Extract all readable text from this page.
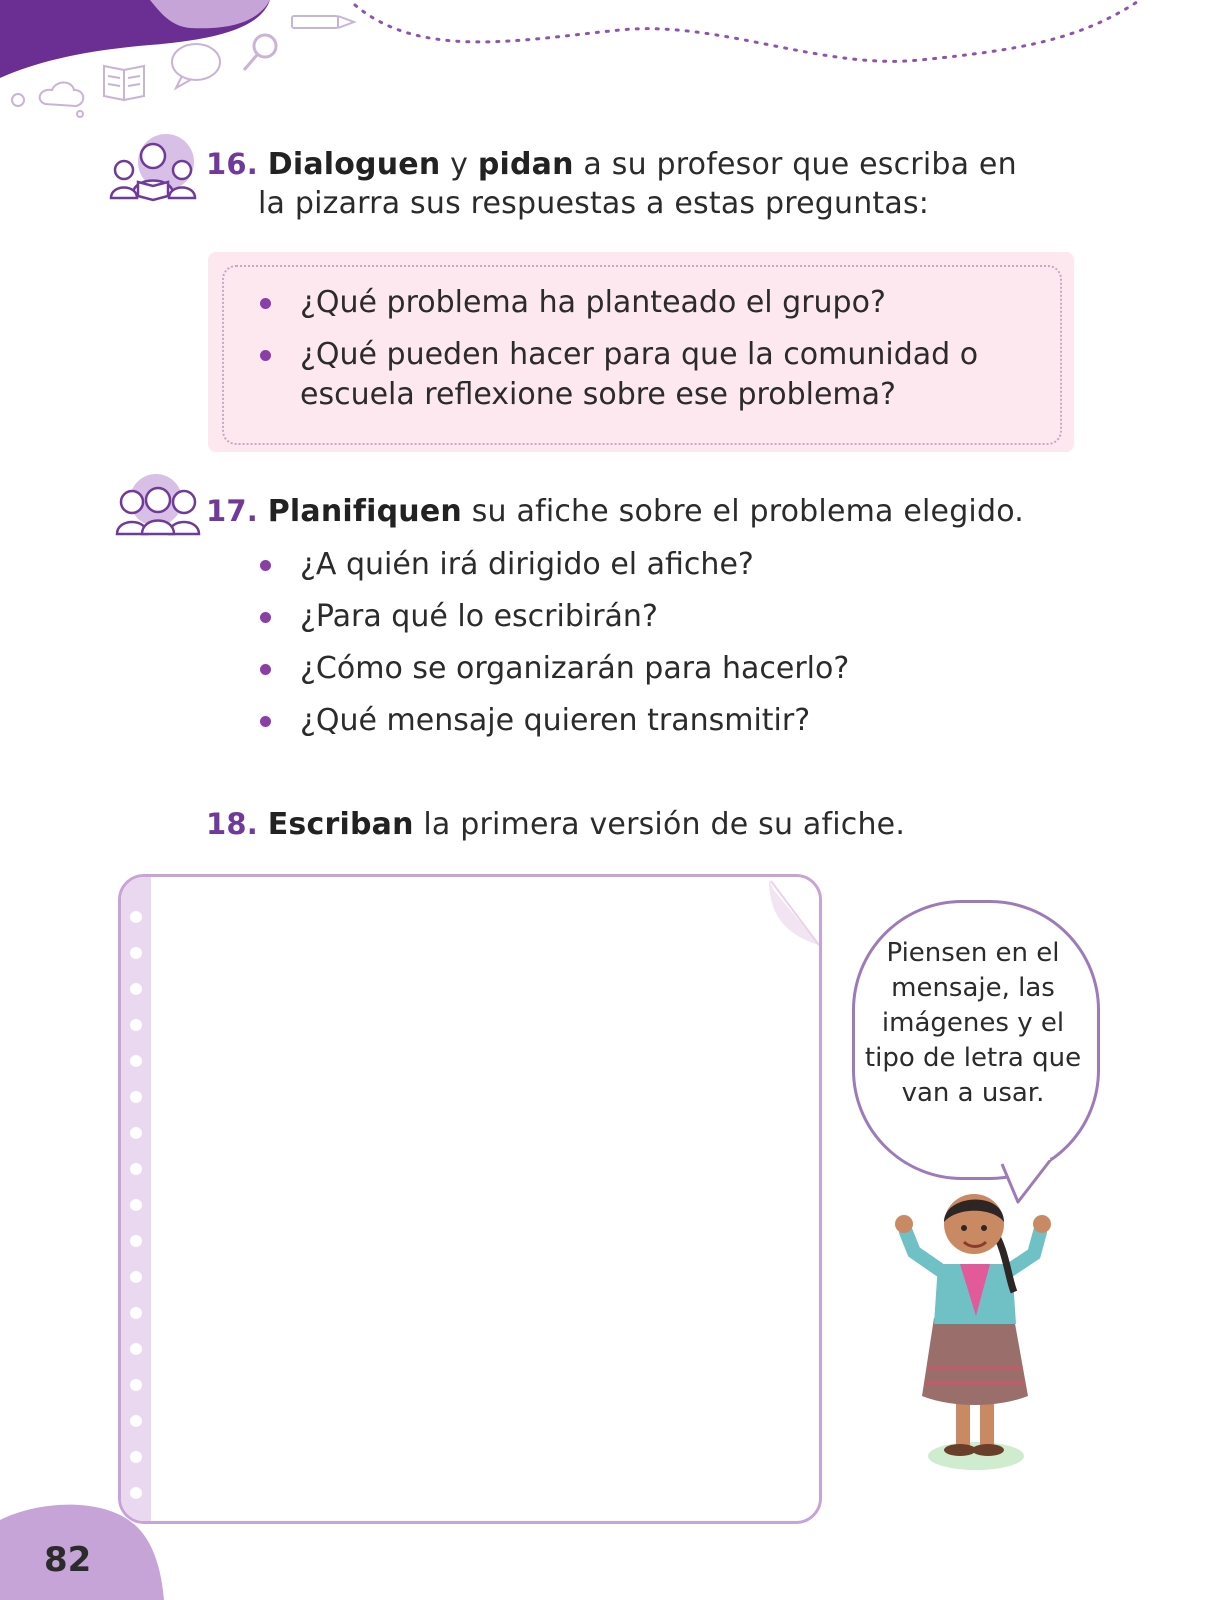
16. Dialoguen y pidan a su profesor que escriba en
la pizarra sus respuestas a estas preguntas:
¿Qué problema ha planteado el grupo?
¿Qué pueden hacer para que la comunidad o escuela reflexione sobre ese problema?
17. Planifiquen su afiche sobre el problema elegido.
¿A quién irá dirigido el afiche?
¿Para qué lo escribirán?
¿Cómo se organizarán para hacerlo?
¿Qué mensaje quieren transmitir?
18. Escriban la primera versión de su afiche.
Piensen en el mensaje, las imágenes y el tipo de letra que van a usar.
82
